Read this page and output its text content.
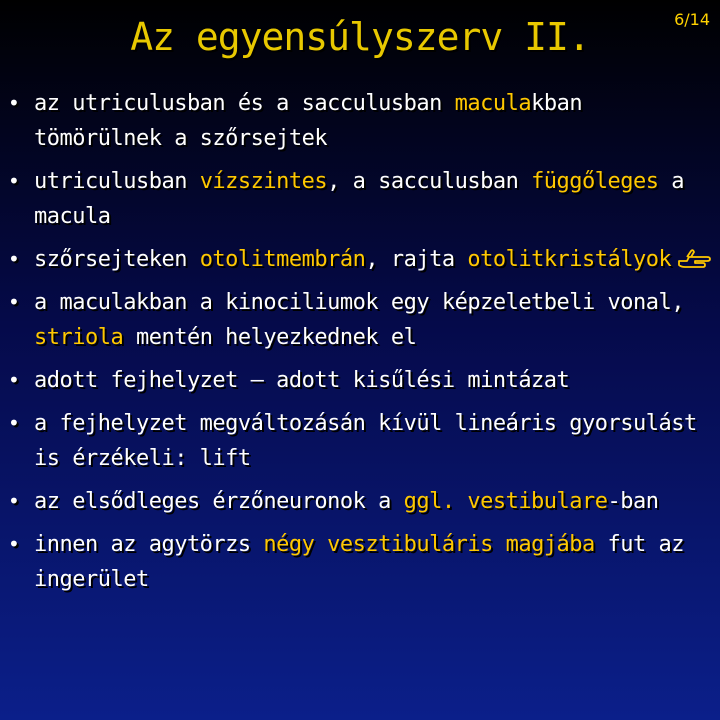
Az egyensúlyszerv II.	6/14
• az utriculusban és a sacculusban maculakban tömörülnek a szőrsejtek
• utriculusban vízszintes, a sacculusban függőleges a macula
• szőrsejteken otolitmembrán, rajta otolitkristályok
• a maculakban a kinociliumok egy képzeletbeli vonal, striola mentén helyezkednek el
• adott fejhelyzet – adott kisűlési mintázat
• a fejhelyzet megváltozásán kívül lineáris gyorsulást is érzékeli: lift
• az elsődleges érzőneuronok a ggl. vestibulare-ban
• innen az agytörzs négy vesztibuláris magjába fut az ingerület
